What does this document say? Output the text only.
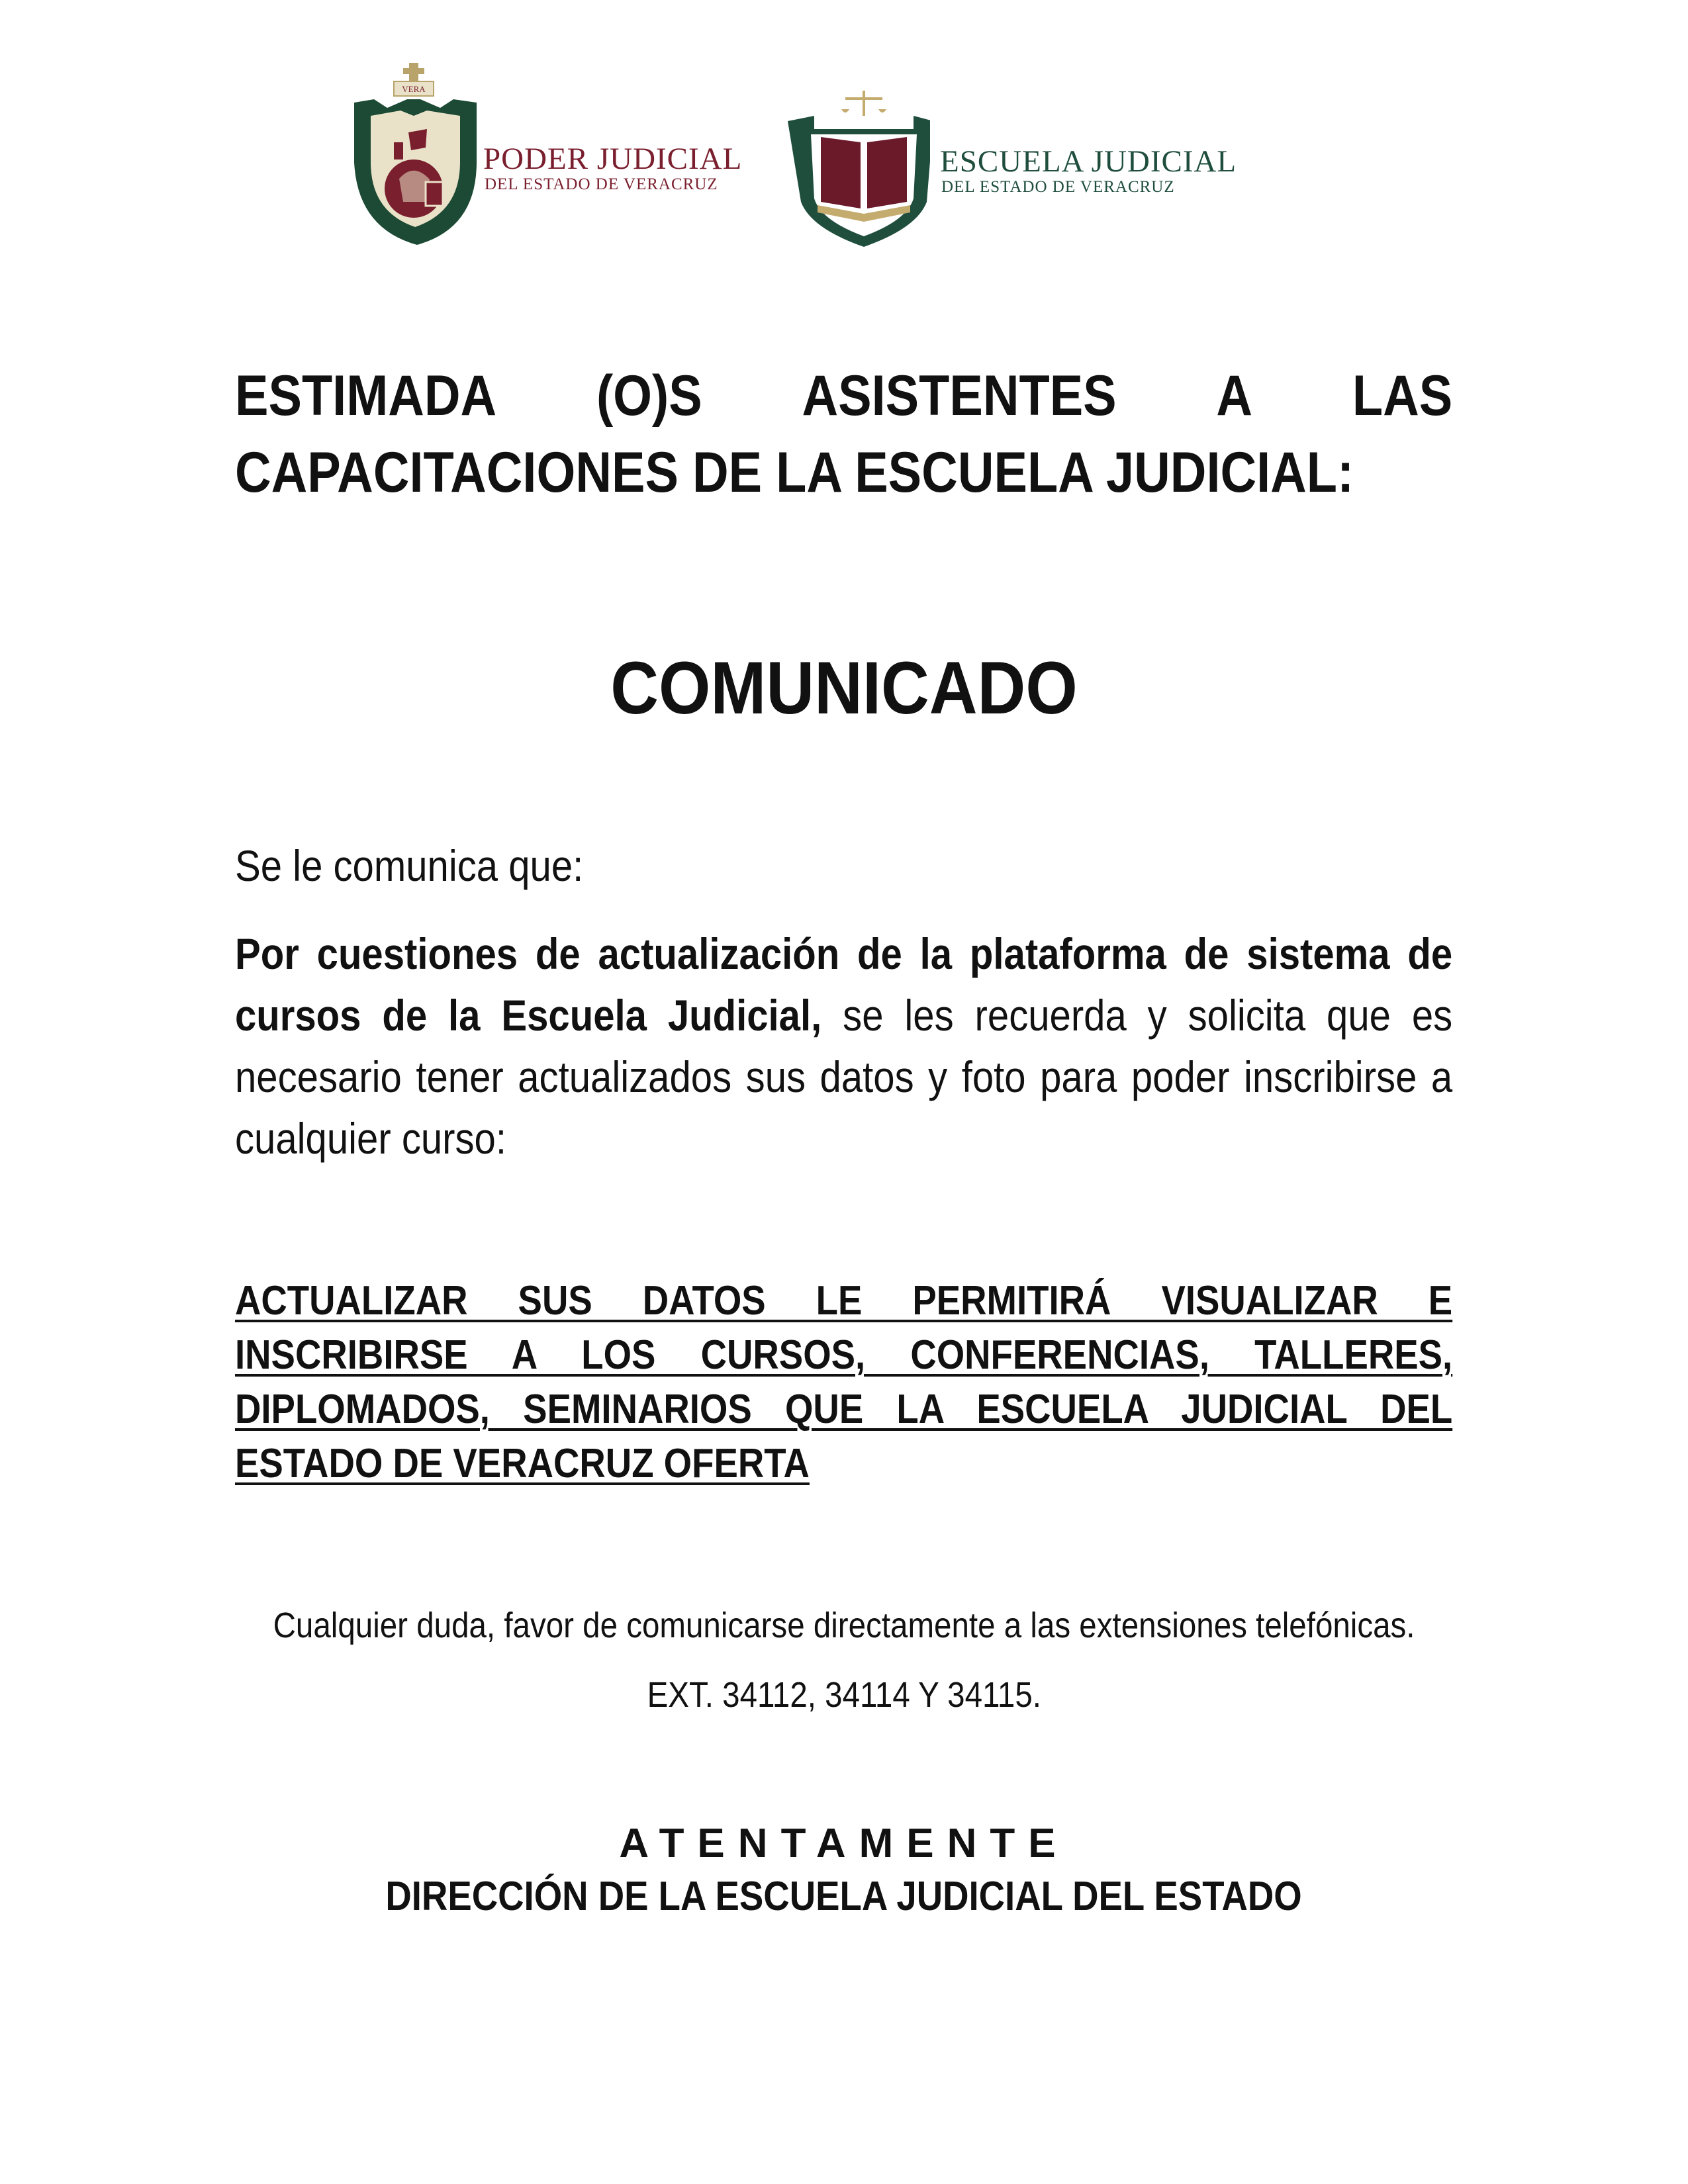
VERA
PODER JUDICIAL
DEL ESTADO DE VERACRUZ
ESCUELA JUDICIAL
DEL ESTADO DE VERACRUZ
ESTIMADA (O)S ASISTENTES A LAS CAPACITACIONES DE LA ESCUELA JUDICIAL:
COMUNICADO
Se le comunica que:
Por cuestiones de actualización de la plataforma de sistema de cursos de la Escuela Judicial, se les recuerda y solicita que es necesario tener actualizados sus datos y foto para poder inscribirse a cualquier curso:
ACTUALIZAR SUS DATOS LE PERMITIRÁ VISUALIZAR E INSCRIBIRSE A LOS CURSOS, CONFERENCIAS, TALLERES, DIPLOMADOS, SEMINARIOS QUE LA ESCUELA JUDICIAL DEL ESTADO DE VERACRUZ OFERTA
Cualquier duda, favor de comunicarse directamente a las extensiones telefónicas.
EXT. 34112, 34114 Y 34115.
ATENTAMENTE
DIRECCIÓN DE LA ESCUELA JUDICIAL DEL ESTADO
